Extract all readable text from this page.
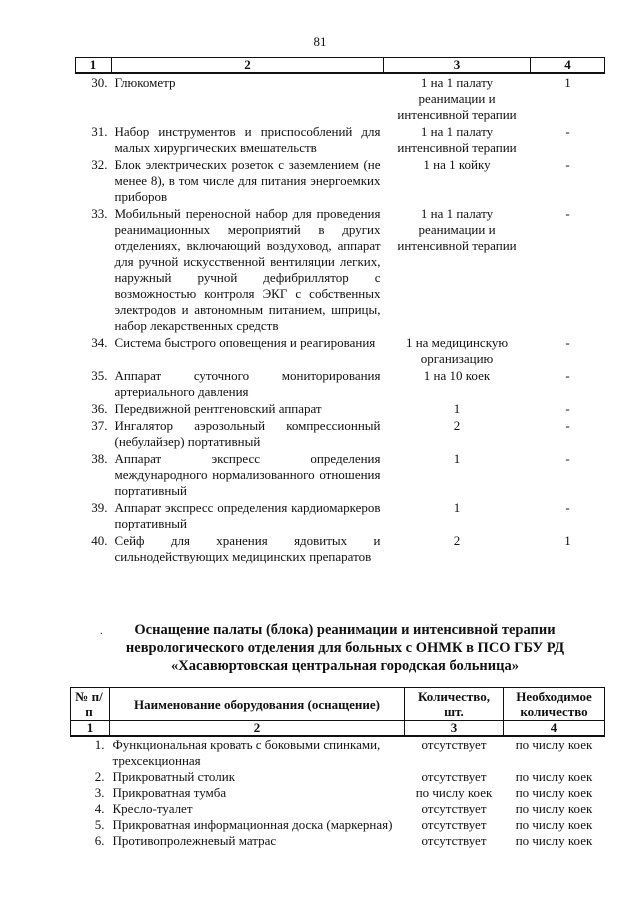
81
1	2	3	4
30.	Глюкометр	1 на 1 палату реанимации и интенсивной терапии	1
31.	Набор инструментов и приспособлений для малых хирургических вмешательств	1 на 1 палату интенсивной терапии	-
32.	Блок электрических розеток с заземлением (не менее 8), в том числе для питания энергоемких приборов	1 на 1 койку	-
33.	Мобильный переносной набор для проведения реанимационных мероприятий в других отделениях, включающий воздуховод, аппарат для ручной искусственной вентиляции легких, наружный ручной дефибриллятор с возможностью контроля ЭКГ с собственных электродов и автономным питанием, шприцы, набор лекарственных средств	1 на 1 палату реанимации и интенсивной терапии	-
34.	Система быстрого оповещения и реагирования	1 на медицинскую организацию	-
35.	Аппарат суточного мониторирования артериального давления	1 на 10 коек	-
36.	Передвижной рентгеновский аппарат	1	-
37.	Ингалятор аэрозольный компрессионный (небулайзер) портативный	2	-
38.	Аппарат экспресс определения международного нормализованного отношения портативный	1	-
39.	Аппарат экспресс определения кардиомаркеров портативный	1	-
40.	Сейф для хранения ядовитых и сильнодействующих медицинских препаратов	2	1
.	Оснащение палаты (блока) реанимации и интенсивной терапии
неврологического отделения для больных с ОНМК в ПСО ГБУ РД
«Хасавюртовская центральная городская больница»
№ п/п	Наименование оборудования (оснащение)	Количество, шт.	Необходимое количество
1	2	3	4
1.	Функциональная кровать с боковыми спинками, трехсекционная	отсутствует	по числу коек
2.	Прикроватный столик	отсутствует	по числу коек
3.	Прикроватная тумба	по числу коек	по числу коек
4.	Кресло-туалет	отсутствует	по числу коек
5.	Прикроватная информационная доска (маркерная)	отсутствует	по числу коек
6.	Противопролежневый матрас	отсутствует	по числу коек
